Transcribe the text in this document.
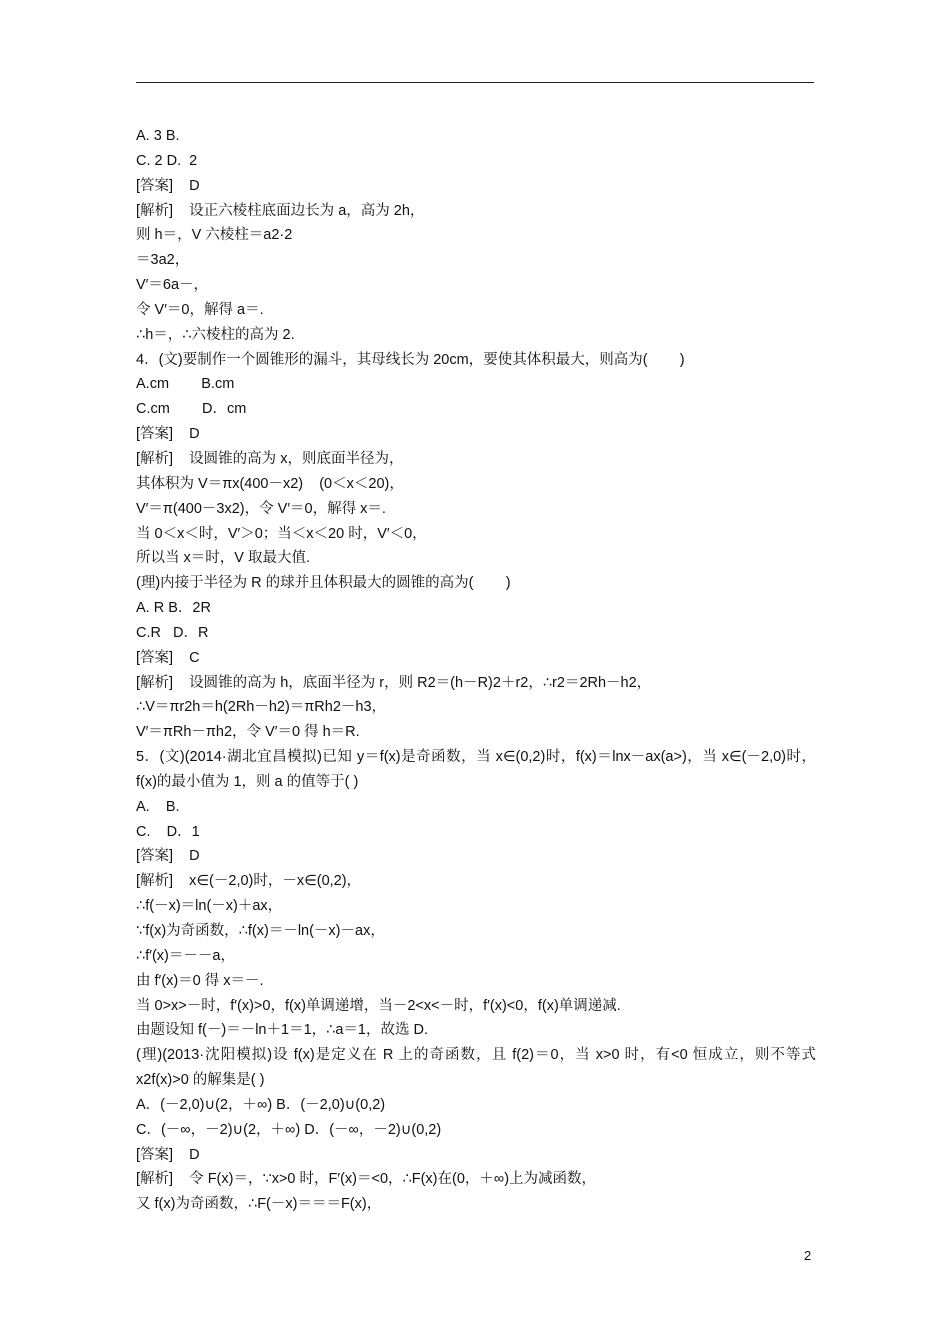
A. 3 B.
C. 2 D.  2
[答案]    D
[解析]    设正六棱柱底面边长为 a，高为 2h，
则 h＝，V 六棱柱＝a2·2
＝3a2，
V′＝6a－，
令 V′＝0，解得 a＝.
∴h＝，∴六棱柱的高为 2.
4．(文)要制作一个圆锥形的漏斗，其母线长为 20cm，要使其体积最大，则高为(        )
A.cm        B.cm
C.cm        D．cm
[答案]    D
[解析]    设圆锥的高为 x，则底面半径为，
其体积为 V＝πx(400－x2)    (0＜x＜20)，
V′＝π(400－3x2)，令 V′＝0，解得 x＝.
当 0＜x＜时，V′＞0；当＜x＜20 时，V′＜0，
所以当 x＝时，V 取最大值.
(理)内接于半径为 R 的球并且体积最大的圆锥的高为(        )
A. R B．2R
C.R   D．R
[答案]    C
[解析]    设圆锥的高为 h，底面半径为 r，则 R2＝(h－R)2＋r2，∴r2＝2Rh－h2，
∴V＝πr2h＝h(2Rh－h2)＝πRh2－h3，
V′＝πRh－πh2，令 V′＝0 得 h＝R.
5．(文)(2014·湖北宜昌模拟)已知 y＝f(x)是奇函数，当 x∈(0,2)时，f(x)＝lnx－ax(a>)，当 x∈(－2,0)时，f(x)的最小值为 1，则 a 的值等于( )
A.    B.
C.    D．1
[答案]    D
[解析]    x∈(－2,0)时，－x∈(0,2)，
∴f(－x)＝ln(－x)＋ax，
∵f(x)为奇函数，∴f(x)＝－ln(－x)－ax，
∴f′(x)＝－－a，
由 f′(x)＝0 得 x＝－.
当 0>x>－时，f′(x)>0，f(x)单调递增，当－2<x<－时，f′(x)<0，f(x)单调递减.
由题设知 f(－)＝－ln＋1＝1，∴a＝1，故选 D.
(理)(2013·沈阳模拟)设 f(x)是定义在 R 上的奇函数，且 f(2)＝0，当 x>0 时，有<0 恒成立，则不等式 x2f(x)>0 的解集是( )
A．(－2,0)∪(2，＋∞) B．(－2,0)∪(0,2)
C．(－∞，－2)∪(2，＋∞) D．(－∞，－2)∪(0,2)
[答案]    D
[解析]    令 F(x)＝，∵x>0 时，F′(x)＝<0，∴F(x)在(0，＋∞)上为减函数，
又 f(x)为奇函数，∴F(－x)＝＝＝F(x)，
2
